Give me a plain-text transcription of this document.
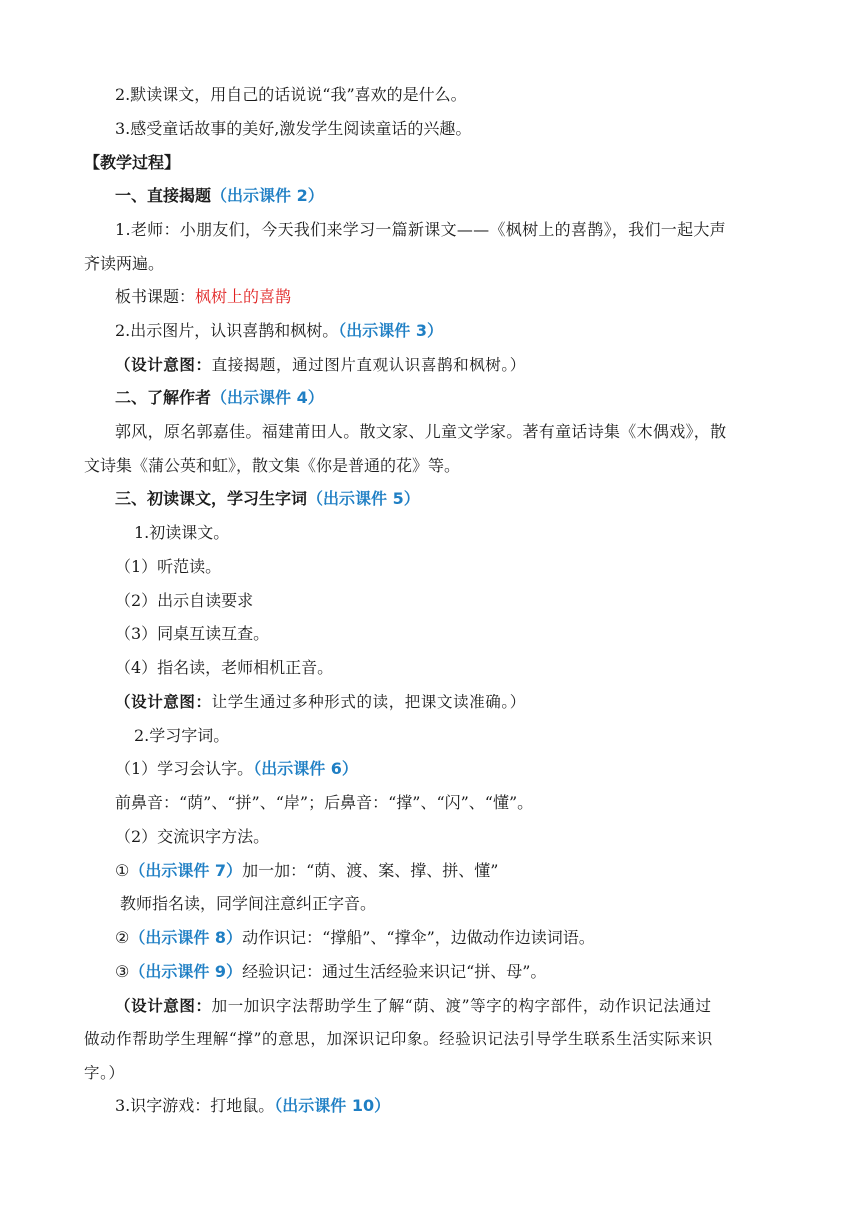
2.默读课文，用自己的话说说“我”喜欢的是什么。
3.感受童话故事的美好,激发学生阅读童话的兴趣。
【教学过程】
一、直接揭题（出示课件 2）
1.老师：小朋友们，今天我们来学习一篇新课文——《枫树上的喜鹊》，我们一起大声
齐读两遍。
板书课题：枫树上的喜鹊
2.出示图片，认识喜鹊和枫树。（出示课件 3）
（设计意图：直接揭题，通过图片直观认识喜鹊和枫树。）
二、了解作者（出示课件 4）
郭风，原名郭嘉佳。福建莆田人。散文家、儿童文学家。著有童话诗集《木偶戏》，散
文诗集《蒲公英和虹》，散文集《你是普通的花》等。
三、初读课文，学习生字词（出示课件 5）
1.初读课文。
（1）听范读。
（2）出示自读要求
（3）同桌互读互查。
（4）指名读，老师相机正音。
（设计意图：让学生通过多种形式的读，把课文读准确。）
2.学习字词。
（1）学习会认字。（出示课件 6）
前鼻音：“荫”、“拼”、“岸”；后鼻音：“撑”、“闪”、“懂”。
（2）交流识字方法。
①（出示课件 7）加一加：“荫、渡、案、撑、拼、懂”
教师指名读，同学间注意纠正字音。
②（出示课件 8）动作识记：“撑船”、“撑伞”，边做动作边读词语。
③（出示课件 9）经验识记：通过生活经验来识记“拼、母”。
（设计意图：加一加识字法帮助学生了解“荫、渡”等字的构字部件，动作识记法通过
做动作帮助学生理解“撑”的意思，加深识记印象。经验识记法引导学生联系生活实际来识
字。）
3.识字游戏：打地鼠。（出示课件 10）
